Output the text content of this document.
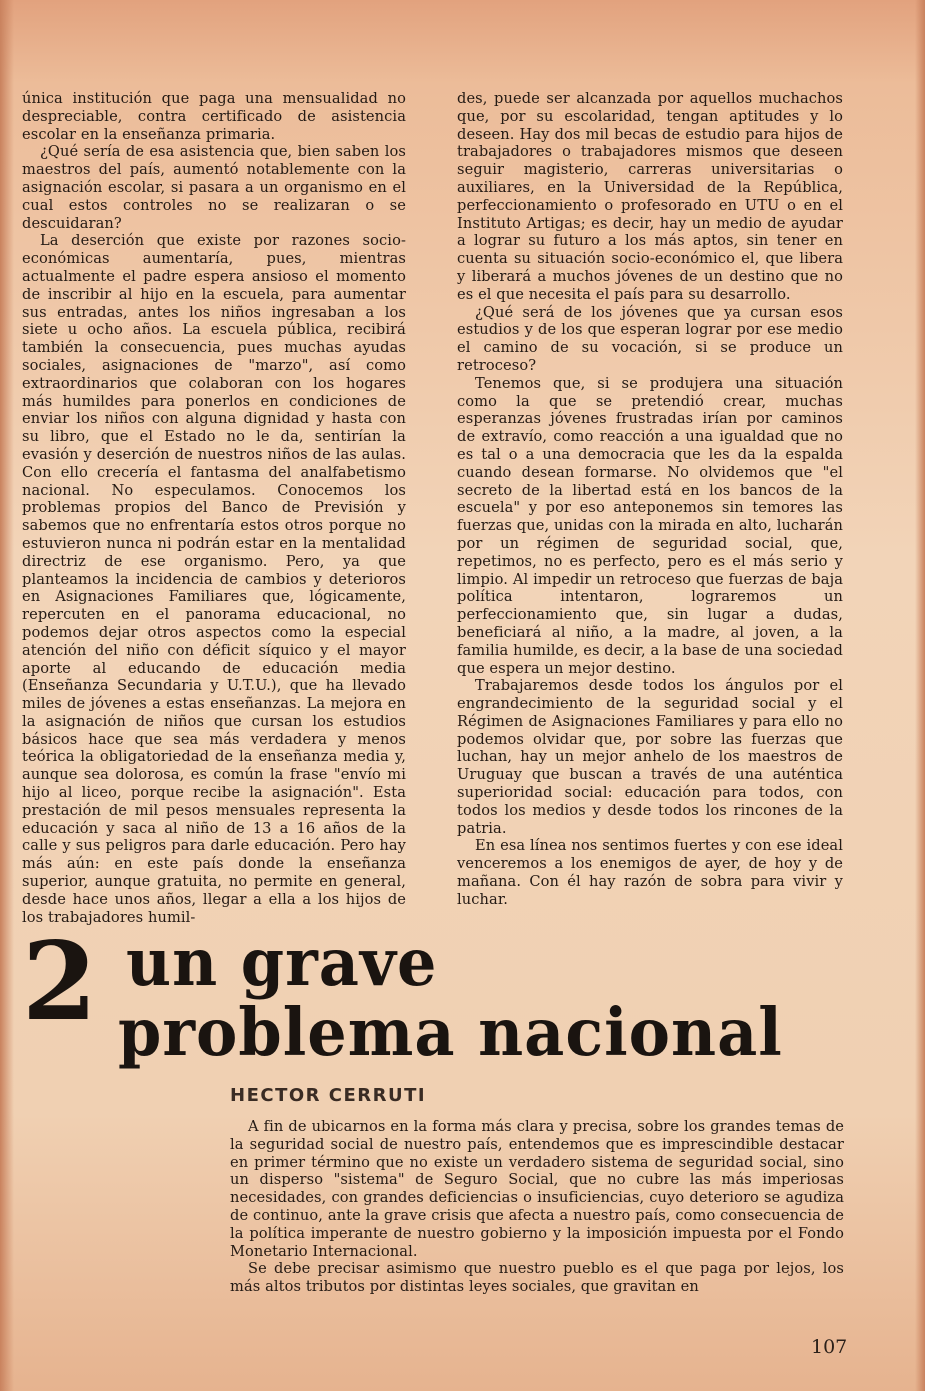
única institución que paga una mensualidad no despreciable, contra certificado de asistencia escolar en la enseñanza primaria.

¿Qué sería de esa asistencia que, bien saben los maestros del país, aumentó notablemente con la asignación escolar, si pasara a un organismo en el cual estos controles no se realizaran o se descuidaran?

La deserción que existe por razones socio-económicas aumentaría, pues, mientras actualmente el padre espera ansioso el momento de inscribir al hijo en la escuela, para aumentar sus entradas, antes los niños ingresaban a los siete u ocho años. La escuela pública, recibirá también la consecuencia, pues muchas ayudas sociales, asignaciones de "marzo", así como extraordinarios que colaboran con los hogares más humildes para ponerlos en condiciones de enviar los niños con alguna dignidad y hasta con su libro, que el Estado no le da, sentirían la evasión y deserción de nuestros niños de las aulas. Con ello crecería el fantasma del analfabetismo nacional. No especulamos. Conocemos los problemas propios del Banco de Previsión y sabemos que no enfrentaría estos otros porque no estuvieron nunca ni podrán estar en la mentalidad directriz de ese organismo. Pero, ya que planteamos la incidencia de cambios y deterioros en Asignaciones Familiares que, lógicamente, repercuten en el panorama educacional, no podemos dejar otros aspectos como la especial atención del niño con déficit síquico y el mayor aporte al educando de educación media (Enseñanza Secundaria y U.T.U.), que ha llevado miles de jóvenes a estas enseñanzas. La mejora en la asignación de niños que cursan los estudios básicos hace que sea más verdadera y menos teórica la obligatoriedad de la enseñanza media y, aunque sea dolorosa, es común la frase "envío mi hijo al liceo, porque recibe la asignación". Esta prestación de mil pesos mensuales representa la educación y saca al niño de 13 a 16 años de la calle y sus peligros para darle educación. Pero hay más aún: en este país donde la enseñanza superior, aunque gratuita, no permite en general, desde hace unos años, llegar a ella a los hijos de los trabajadores humil-

des, puede ser alcanzada por aquellos muchachos que, por su escolaridad, tengan aptitudes y lo deseen. Hay dos mil becas de estudio para hijos de trabajadores o trabajadores mismos que deseen seguir magisterio, carreras universitarias o auxiliares, en la Universidad de la República, perfeccionamiento o profesorado en UTU o en el Instituto Artigas; es decir, hay un medio de ayudar a lograr su futuro a los más aptos, sin tener en cuenta su situación socio-económico el, que libera y liberará a muchos jóvenes de un destino que no es el que necesita el país para su desarrollo.

¿Qué será de los jóvenes que ya cursan esos estudios y de los que esperan lograr por ese medio el camino de su vocación, si se produce un retroceso?

Tenemos que, si se produjera una situación como la que se pretendió crear, muchas esperanzas jóvenes frustradas irían por caminos de extravío, como reacción a una igualdad que no es tal o a una democracia que les da la espalda cuando desean formarse. No olvidemos que "el secreto de la libertad está en los bancos de la escuela" y por eso anteponemos sin temores las fuerzas que, unidas con la mirada en alto, lucharán por un régimen de seguridad social, que, repetimos, no es perfecto, pero es el más serio y limpio. Al impedir un retroceso que fuerzas de baja política intentaron, lograremos un perfeccionamiento que, sin lugar a dudas, beneficiará al niño, a la madre, al joven, a la familia humilde, es decir, a la base de una sociedad que espera un mejor destino.

Trabajaremos desde todos los ángulos por el engrandecimiento de la seguridad social y el Régimen de Asignaciones Familiares y para ello no podemos olvidar que, por sobre las fuerzas que luchan, hay un mejor anhelo de los maestros de Uruguay que buscan a través de una auténtica superioridad social: educación para todos, con todos los medios y desde todos los rincones de la patria.

En esa línea nos sentimos fuertes y con ese ideal venceremos a los enemigos de ayer, de hoy y de mañana. Con él hay razón de sobra para vivir y luchar.

2 un grave
problema nacional
HECTOR CERRUTI

A fin de ubicarnos en la forma más clara y precisa, sobre los grandes temas de la seguridad social de nuestro país, entendemos que es imprescindible destacar en primer término que no existe un verdadero sistema de seguridad social, sino un disperso "sistema" de Seguro Social, que no cubre las más imperiosas necesidades, con grandes deficiencias o insuficiencias, cuyo deterioro se agudiza de continuo, ante la grave crisis que afecta a nuestro país, como consecuencia de la política imperante de nuestro gobierno y la imposición impuesta por el Fondo Monetario Internacional.

Se debe precisar asimismo que nuestro pueblo es el que paga por lejos, los más altos tributos por distintas leyes sociales, que gravitan en

107
